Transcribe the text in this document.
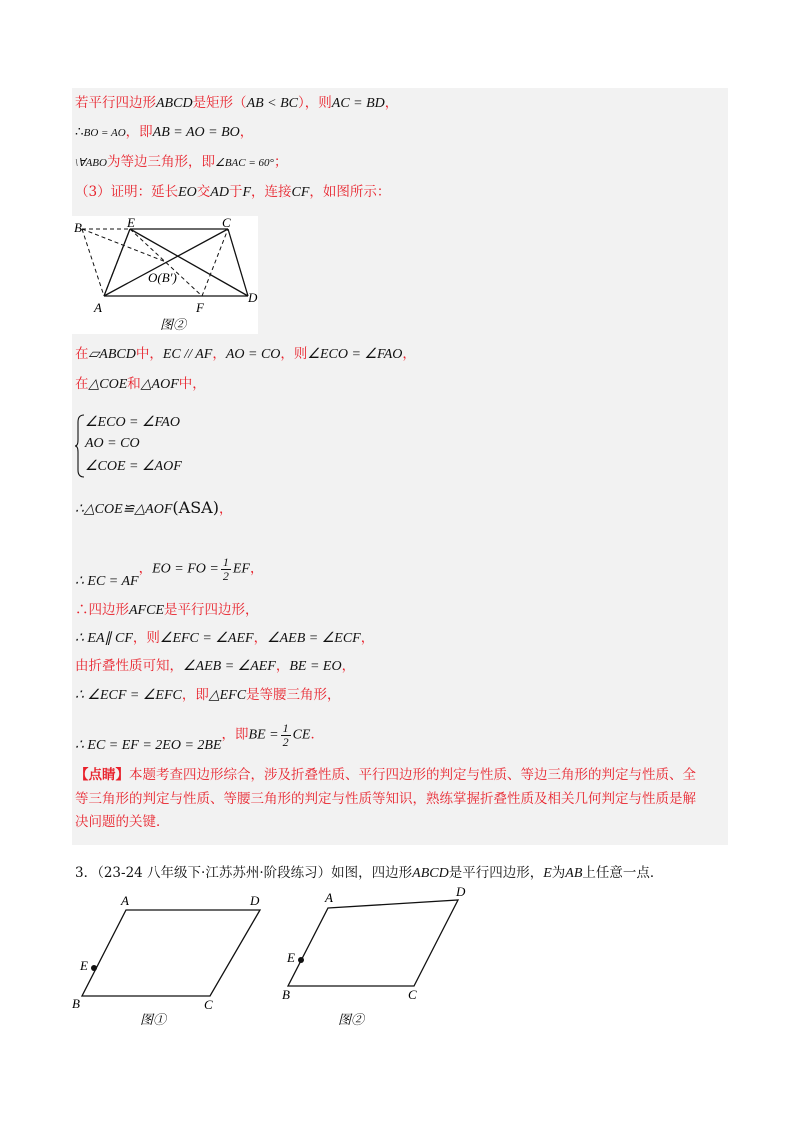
若平行四边形ABCD是矩形（AB < BC），则AC = BD，
∴BO = AO，即AB = AO = BO，
\∀ABO为等边三角形，即∠BAC = 60°；
（3）证明：延长EO交AD于F，连接CF，如图所示：
B	E	C
O(B′)
A	F
D
图②
在▱ABCD中，EC // AF，AO = CO，则∠ECO = ∠FAO，
在△COE和△AOF中，
∠ECO = ∠FAO
AO = CO
∠COE = ∠AOF
∴△COE≌△AOF(ASA)，
∴ EC = AF，EO = FO = $\frac{1}{2}$ EF，
∴四边形AFCE是平行四边形，
∴ EA∥ CF，则∠EFC = ∠AEF，∠AEB = ∠ECF，
由折叠性质可知，∠AEB = ∠AEF，BE = EO，
∴ ∠ECF = ∠EFC，即△EFC是等腰三角形，
∴ EC = EF = 2EO = 2BE，即BE = $\frac{1}{2}$ CE．
【点睛】本题考查四边形综合，涉及折叠性质、平行四边形的判定与性质、等边三角形的判定与性质、全
等三角形的判定与性质、等腰三角形的判定与性质等知识，熟练掌握折叠性质及相关几何判定与性质是解
决问题的关键．
3．（23-24 八年级下·江苏苏州·阶段练习）如图，四边形ABCD是平行四边形，E为AB上任意一点．
A	D
E
B	C
图①
A	D
E
B	C
图②
